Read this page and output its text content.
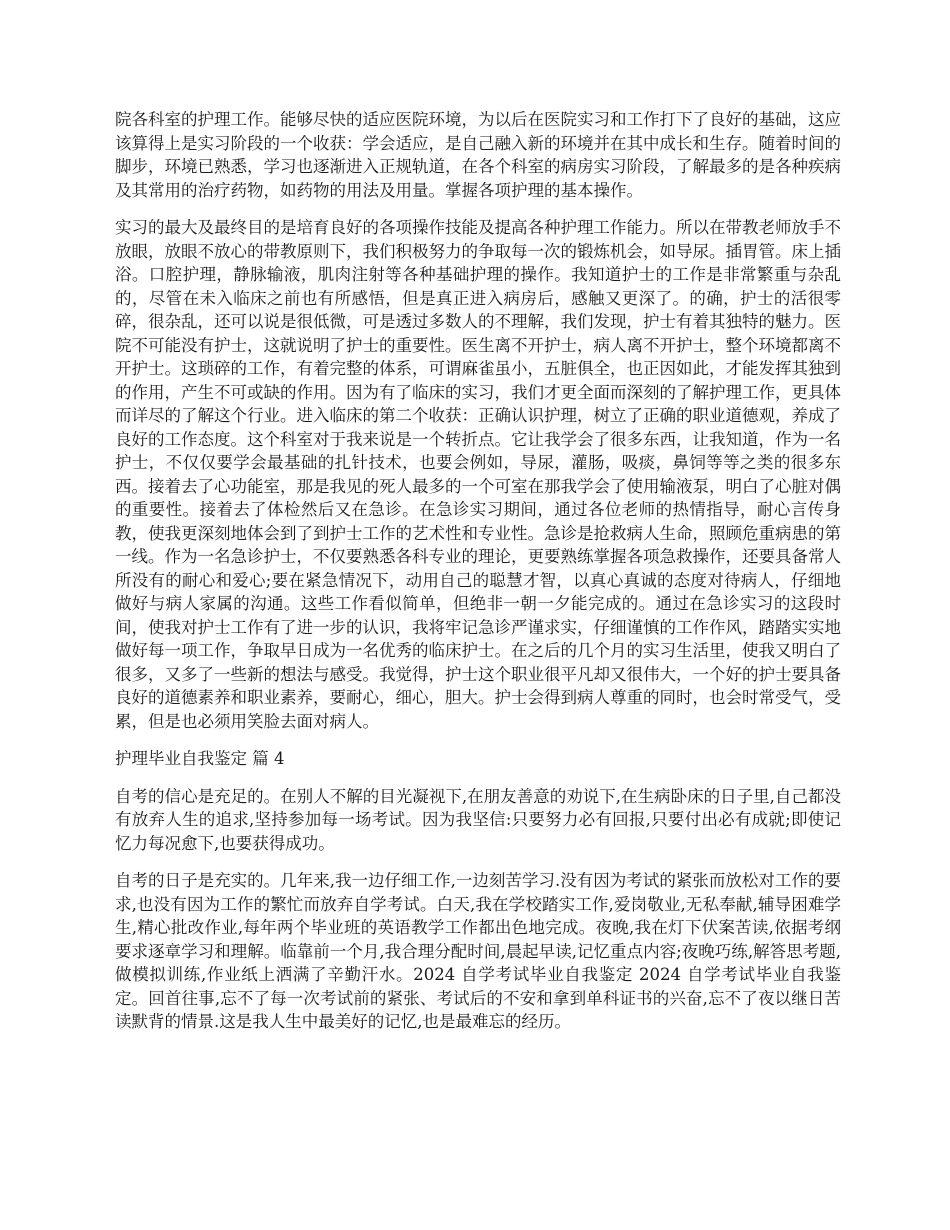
院各科室的护理工作。能够尽快的适应医院环境，为以后在医院实习和工作打下了良好的基础，这应该算得上是实习阶段的一个收获：学会适应，是自己融入新的环境并在其中成长和生存。随着时间的脚步，环境已熟悉，学习也逐渐进入正规轨道，在各个科室的病房实习阶段，了解最多的是各种疾病及其常用的治疗药物，如药物的用法及用量。掌握各项护理的基本操作。

实习的最大及最终目的是培育良好的各项操作技能及提高各种护理工作能力。所以在带教老师放手不放眼，放眼不放心的带教原则下，我们积极努力的争取每一次的锻炼机会，如导尿。插胃管。床上插浴。口腔护理，静脉输液，肌肉注射等各种基础护理的操作。我知道护士的工作是非常繁重与杂乱的，尽管在未入临床之前也有所感悟，但是真正进入病房后，感触又更深了。的确，护士的活很零碎，很杂乱，还可以说是很低微，可是透过多数人的不理解，我们发现，护士有着其独特的魅力。医院不可能没有护士，这就说明了护士的重要性。医生离不开护士，病人离不开护士，整个环境都离不开护士。这琐碎的工作，有着完整的体系，可谓麻雀虽小，五脏俱全，也正因如此，才能发挥其独到的作用，产生不可或缺的作用。因为有了临床的实习，我们才更全面而深刻的了解护理工作，更具体而详尽的了解这个行业。进入临床的第二个收获：正确认识护理，树立了正确的职业道德观，养成了良好的工作态度。这个科室对于我来说是一个转折点。它让我学会了很多东西，让我知道，作为一名护士，不仅仅要学会最基础的扎针技术，也要会例如，导尿，灌肠，吸痰，鼻饲等等之类的很多东西。接着去了心功能室，那是我见的死人最多的一个可室在那我学会了使用输液泵，明白了心脏对偶的重要性。接着去了体检然后又在急诊。在急诊实习期间，通过各位老师的热情指导，耐心言传身教，使我更深刻地体会到了到护士工作的艺术性和专业性。急诊是抢救病人生命，照顾危重病患的第一线。作为一名急诊护士，不仅要熟悉各科专业的理论，更要熟练掌握各项急救操作，还要具备常人所没有的耐心和爱心;要在紧急情况下，动用自己的聪慧才智，以真心真诚的态度对待病人，仔细地做好与病人家属的沟通。这些工作看似简单，但绝非一朝一夕能完成的。通过在急诊实习的这段时间，使我对护士工作有了进一步的认识，我将牢记急诊严谨求实，仔细谨慎的工作作风，踏踏实实地做好每一项工作，争取早日成为一名优秀的临床护士。在之后的几个月的实习生活里，使我又明白了很多，又多了一些新的想法与感受。我觉得，护士这个职业很平凡却又很伟大，一个好的护士要具备良好的道德素养和职业素养，要耐心，细心，胆大。护士会得到病人尊重的同时，也会时常受气，受累，但是也必须用笑脸去面对病人。

护理毕业自我鉴定 篇 4

自考的信心是充足的。在别人不解的目光凝视下,在朋友善意的劝说下,在生病卧床的日子里,自己都没有放弃人生的追求,坚持参加每一场考试。因为我坚信:只要努力必有回报,只要付出必有成就;即使记忆力每况愈下,也要获得成功。

自考的日子是充实的。几年来,我一边仔细工作,一边刻苦学习.没有因为考试的紧张而放松对工作的要求,也没有因为工作的繁忙而放弃自学考试。白天,我在学校踏实工作,爱岗敬业,无私奉献,辅导困难学生,精心批改作业,每年两个毕业班的英语教学工作都出色地完成。夜晚,我在灯下伏案苦读,依据考纲要求逐章学习和理解。临靠前一个月,我合理分配时间,晨起早读,记忆重点内容;夜晚巧练,解答思考题,做模拟训练,作业纸上洒满了辛勤汗水。2024 自学考试毕业自我鉴定 2024 自学考试毕业自我鉴定。回首往事,忘不了每一次考试前的紧张、考试后的不安和拿到单科证书的兴奋,忘不了夜以继日苦读默背的情景.这是我人生中最美好的记忆,也是最难忘的经历。
